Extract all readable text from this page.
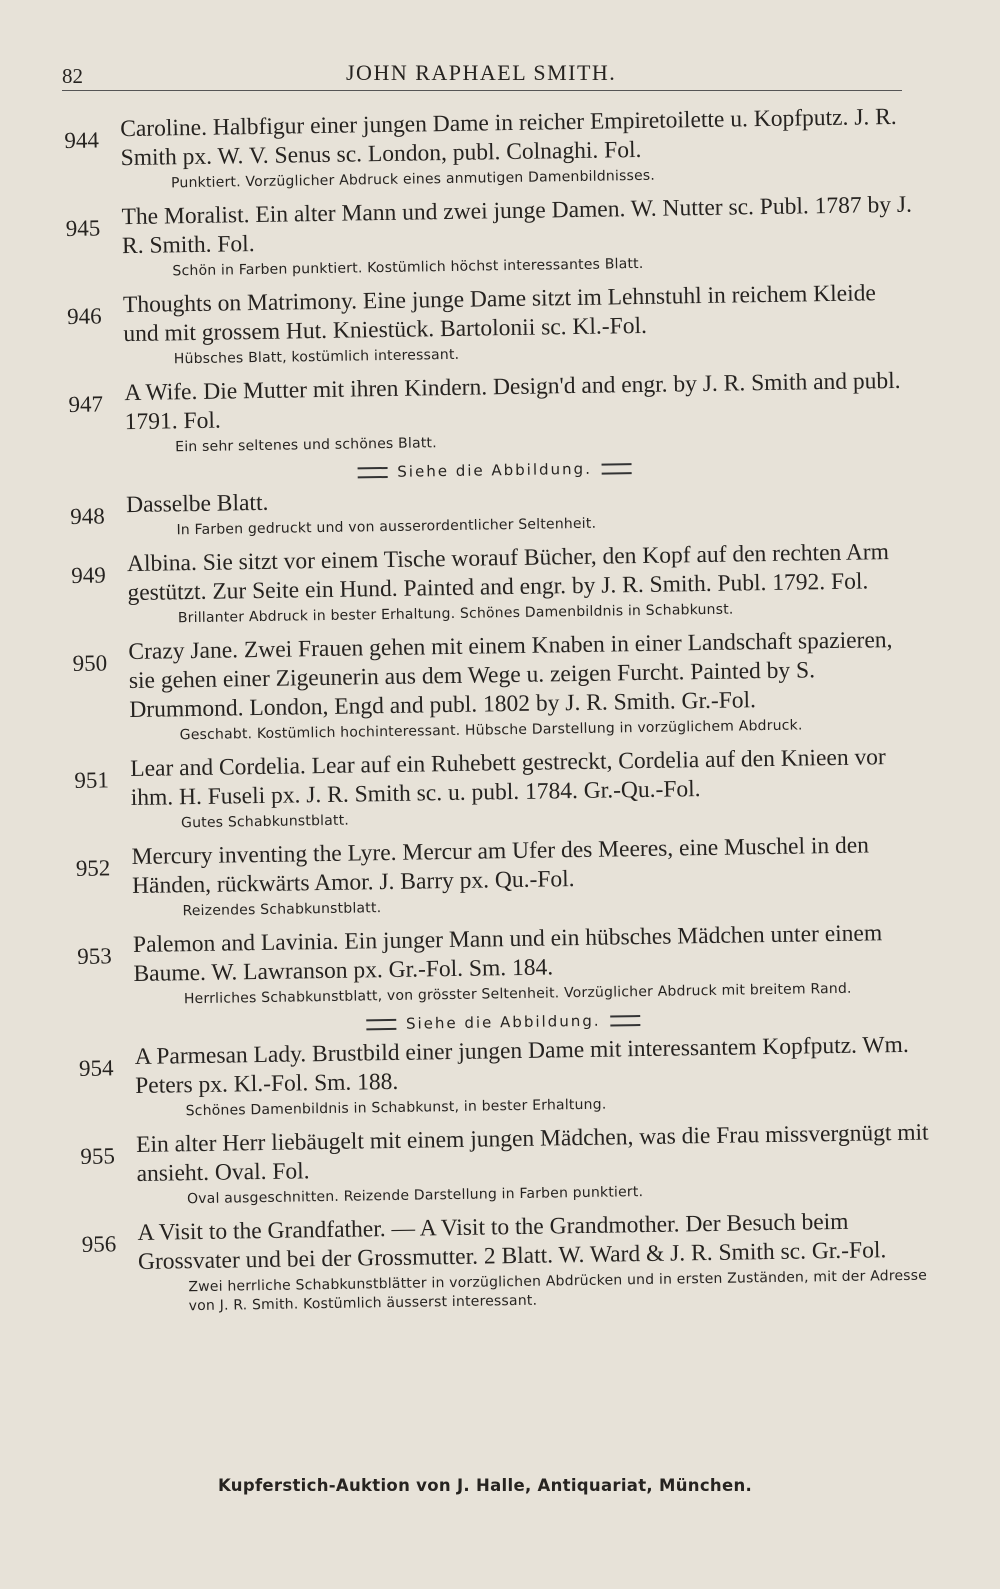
82	JOHN RAPHAEL SMITH.
944 Caroline. Halbfigur einer jungen Dame in reicher Empiretoilette u. Kopfputz. J. R. Smith px. W. V. Senus sc. London, publ. Colnaghi. Fol.
Punktiert. Vorzüglicher Abdruck eines anmutigen Damenbildnisses.
945 The Moralist. Ein alter Mann und zwei junge Damen. W. Nutter sc. Publ. 1787 by J. R. Smith. Fol.
Schön in Farben punktiert. Kostümlich höchst interessantes Blatt.
946 Thoughts on Matrimony. Eine junge Dame sitzt im Lehnstuhl in reichem Kleide und mit grossem Hut. Kniestück. Bartolonii sc. Kl.-Fol.
Hübsches Blatt, kostümlich interessant.
947 A Wife. Die Mutter mit ihren Kindern. Design'd and engr. by J. R. Smith and publ. 1791. Fol.
Ein sehr seltenes und schönes Blatt.
Siehe die Abbildung.
948 Dasselbe Blatt.
In Farben gedruckt und von ausserordentlicher Seltenheit.
949 Albina. Sie sitzt vor einem Tische worauf Bücher, den Kopf auf den rechten Arm gestützt. Zur Seite ein Hund. Painted and engr. by J. R. Smith. Publ. 1792. Fol.
Brillanter Abdruck in bester Erhaltung. Schönes Damenbildnis in Schabkunst.
950 Crazy Jane. Zwei Frauen gehen mit einem Knaben in einer Landschaft spazieren, sie gehen einer Zigeunerin aus dem Wege u. zeigen Furcht. Painted by S. Drummond. London, Engd and publ. 1802 by J. R. Smith. Gr.-Fol.
Geschabt. Kostümlich hochinteressant. Hübsche Darstellung in vorzüglichem Abdruck.
951 Lear and Cordelia. Lear auf ein Ruhebett gestreckt, Cordelia auf den Knieen vor ihm. H. Fuseli px. J. R. Smith sc. u. publ. 1784. Gr.-Qu.-Fol.
Gutes Schabkunstblatt.
952 Mercury inventing the Lyre. Mercur am Ufer des Meeres, eine Muschel in den Händen, rückwärts Amor. J. Barry px. Qu.-Fol.
Reizendes Schabkunstblatt.
953 Palemon and Lavinia. Ein junger Mann und ein hübsches Mädchen unter einem Baume. W. Lawranson px. Gr.-Fol. Sm. 184.
Herrliches Schabkunstblatt, von grösster Seltenheit. Vorzüglicher Abdruck mit breitem Rand.
Siehe die Abbildung.
954 A Parmesan Lady. Brustbild einer jungen Dame mit interessantem Kopfputz. Wm. Peters px. Kl.-Fol. Sm. 188.
Schönes Damenbildnis in Schabkunst, in bester Erhaltung.
955 Ein alter Herr liebäugelt mit einem jungen Mädchen, was die Frau missvergnügt mit ansieht. Oval. Fol.
Oval ausgeschnitten. Reizende Darstellung in Farben punktiert.
956 A Visit to the Grandfather. — A Visit to the Grandmother. Der Besuch beim Grossvater und bei der Grossmutter. 2 Blatt. W. Ward & J. R. Smith sc. Gr.-Fol.
Zwei herrliche Schabkunstblätter in vorzüglichen Abdrücken und in ersten Zuständen, mit der Adresse von J. R. Smith. Kostümlich äusserst interessant.
Kupferstich-Auktion von J. Halle, Antiquariat, München.
